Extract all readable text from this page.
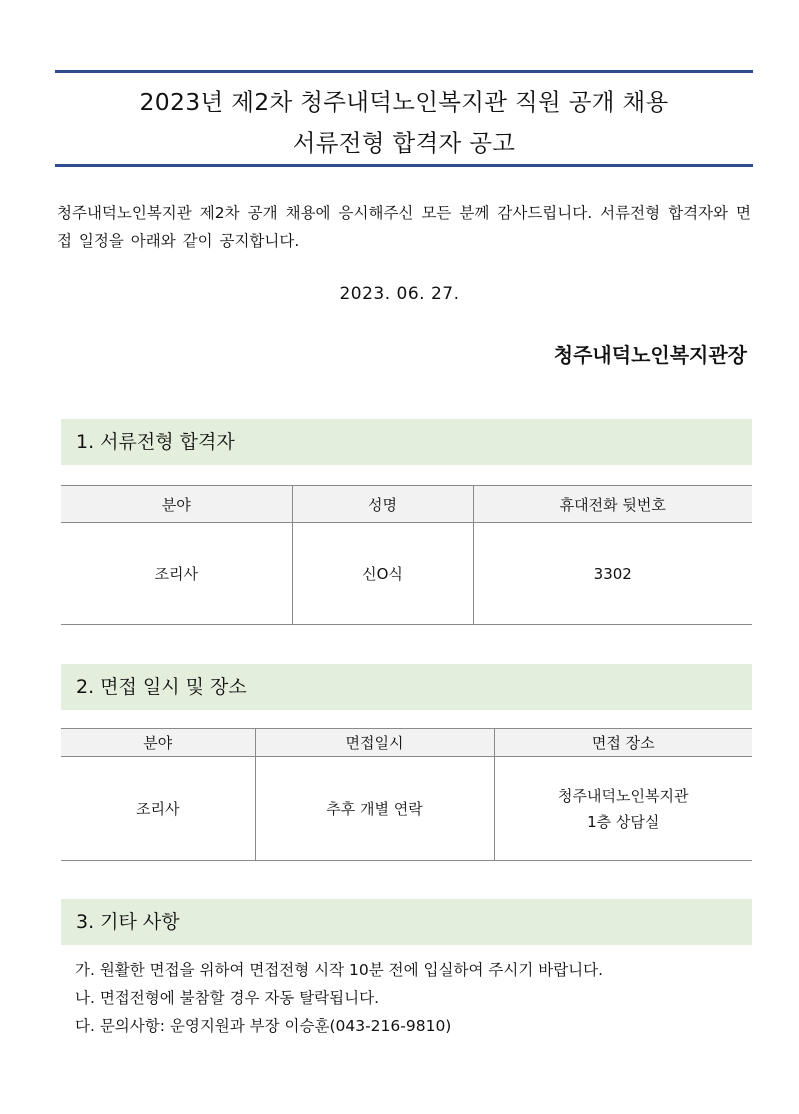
2023년 제2차 청주내덕노인복지관 직원 공개 채용
서류전형 합격자 공고
청주내덕노인복지관 제2차 공개 채용에 응시해주신 모든 분께 감사드립니다. 서류전형 합격자와 면접 일정을 아래와 같이 공지합니다.
2023. 06. 27.
청주내덕노인복지관장
1. 서류전형 합격자
분야	성명	휴대전화 뒷번호
조리사	신O식	3302
2. 면접 일시 및 장소
분야	면접일시	면접 장소
조리사	추후 개별 연락	청주내덕노인복지관
1층 상담실
3. 기타 사항
가. 원활한 면접을 위하여 면접전형 시작 10분 전에 입실하여 주시기 바랍니다.
나. 면접전형에 불참할 경우 자동 탈락됩니다.
다. 문의사항: 운영지원과 부장 이승훈(043-216-9810)
